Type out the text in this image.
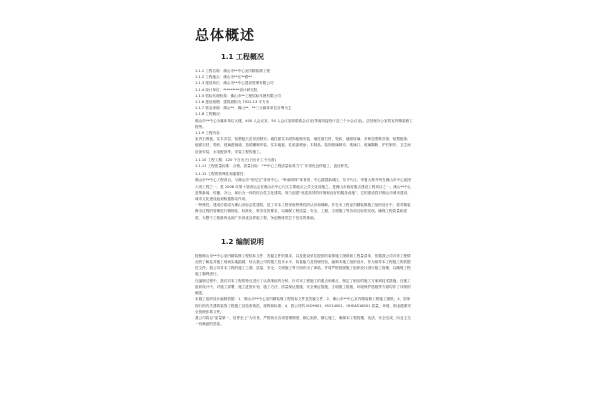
总体概述
1.1 工程概况

1.1.1 工程名称：佛山市**中心室内精装修工程

1.1.2 工程地点：佛山市**区**路**

1.1.3 建设单位：佛山市**中心建设管理有限公司

1.1.4 设计单位：*********设计研究院

1.1.5 招标代理机构：佛山市**工程招标代理有限公司

1.1.6 建设规模：建筑面积为 7922.13 平方米

1.1.7 资金来源：佛山**、佛山**、**三大媒体单位自筹为主

1.1.8 工程概况：

佛山市**中心为媒体单位大楼，400 人会议室、50 人会议室即联系会议室(等离线接待厅及三个小会议室)。总经理办公室的室内精装修工程等。

1.1.9 工程内容：

室内石膏板、实木多层、铝塑板天花吊顶制安；墙柱面实木面饰板制安装、墙柱面石材、瓷砖、墙面玻璃、多种造型吸音饰、铝塑板饰；地面石材、瓷砖、玻璃透镜墙、造的罐制安装、实木地板、乳胶漆喷涂；木制品、装饰玻璃制安；玻璃门、玻璃隔断、护栏制安；卫生间设备安装、水电配套等，安装工程的施工。

1.1.10 工程工期：120 个日历天(日历计工令为准)

1.1.11 工程质量标准：合格，质量目标：“**中心工程质量标准力”广东省优良样板工，创佳杯奖。

1.1.12 工程的特殊性和重要性：

佛山市**中心工程项目，与佛山市“世纪宝”体育中心、“岭南明珠”体育馆、中心德国新城区、东平片区、华夏大桥并列在佛山市中心组团六项工程之一，是 2006 年第十届省运会在佛山市中心片区主要地点公共文化设施之，是佛山市政府重点建设工程项目之一。佛山**中心是集新闻、传播、办公、演出为一体的综合性文化建筑。努力创建“优质高效的环境和良好的服务设施”，它的建成将对佛山市城市建设、城市文化建设起到积极推动作用。

一特殊性，建成后将成为佛山市标志性建筑，是了对本工程采取特殊性的认识和理解。并在本工程室内精装修施工组织设计中，将对精装修全过程的管理进行精细化、标准化、科学化的要求，以确保工程质量、安全、工期、文明施工等各项目标的实现。确保工程质量和进度，为整个工程最终达到广东省优良样板工程，争创鲁班奖打下坚实的基础。

1.2 编制说明

按照佛山市**中心室内精装修工程招标文件、答疑文件的要求，以及建设单位提供的装饰施工图纸和工程量清单，依据我公司对该工程情况的了解及对施工现场实地踏勘，结合我公司的施工技术水平、装备能力及管理经验，编制本施工组织设计，作为指导本工程施工的依据性文件。我公司对本工程的施工工期、质量、安全、文明施工等方面作出了承诺，并将严格按照施工组织设计进行施工管理，以确保工程施工顺利进行。

在编制过程中，我们对本工程的特点进行了认真细致的分析，针对本工程施工的重点和难点，制定了相应的施工方案和技术措施。在施工组织设计中，对施工部署、施工进度计划、施工方法、质量保证措施、安全保证措施、文明施工措施、环境保护措施等方面均作了详细的阐述。

本施工组织设计编制依据：1、佛山市**中心室内精装修工程招标文件及答疑文件；2、佛山市**中心室内精装修工程施工图纸；3、国家现行的有关建筑装饰工程施工及验收规范、规程和标准；4、我公司的 ISO9001、ISO14001、OHSAS18001 质量、环境、职业健康安全管理体系文件。

我公司将以“质量第一、信誉至上”为宗旨，严格执行各项管理制度，精心组织，精心施工，确保本工程按期、优质、安全完成，向业主交一份满意的答卷。
